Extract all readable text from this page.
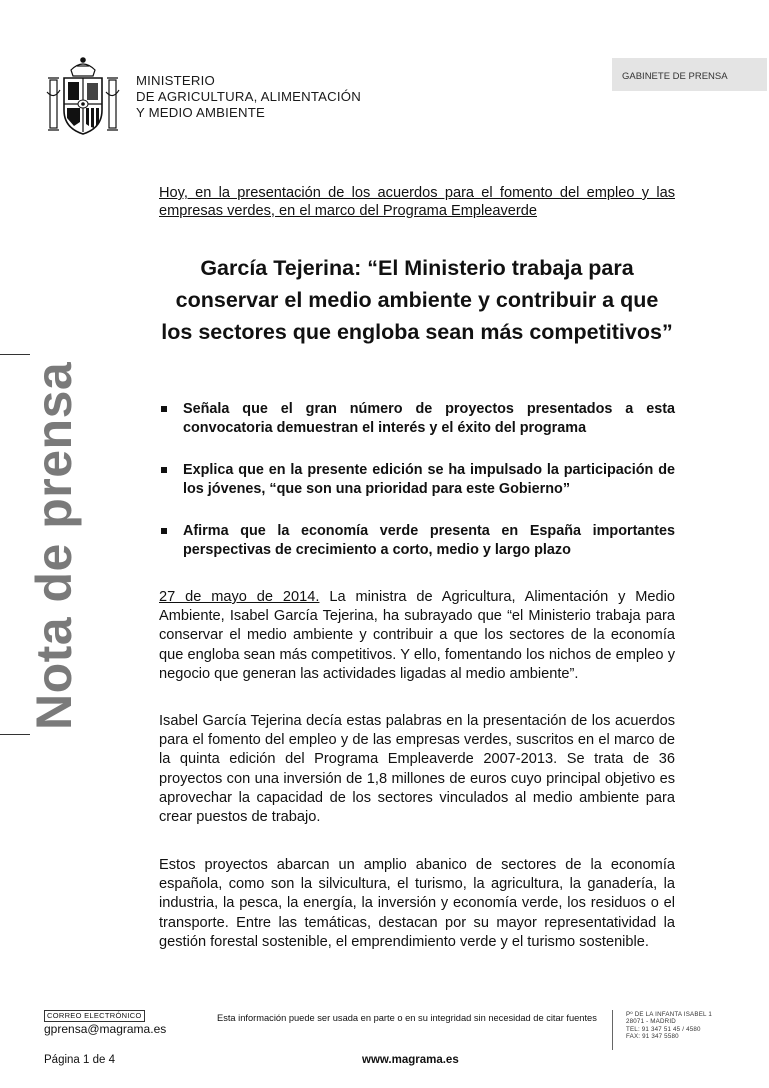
MINISTERIO
DE AGRICULTURA, ALIMENTACIÓN
Y MEDIO AMBIENTE
GABINETE DE PRENSA
Nota de prensa
Hoy, en la presentación de los acuerdos para el fomento del empleo y las empresas verdes, en el marco del Programa Empleaverde
García Tejerina: “El Ministerio trabaja para conservar el medio ambiente y contribuir a que los sectores que engloba sean más competitivos”
Señala que el gran número de proyectos presentados a esta convocatoria demuestran el interés y el éxito del programa
Explica que en la presente edición se ha impulsado la participación de los jóvenes, “que son una prioridad para este Gobierno”
Afirma que la economía verde presenta en España importantes perspectivas de crecimiento a corto, medio y largo plazo

27 de mayo de 2014. La ministra de Agricultura, Alimentación y Medio Ambiente, Isabel García Tejerina, ha subrayado que “el Ministerio trabaja para conservar el medio ambiente y contribuir a que los sectores de la economía que engloba sean más competitivos. Y ello, fomentando los nichos de empleo y negocio que generan las actividades ligadas al medio ambiente”.

Isabel García Tejerina decía estas palabras en la presentación de los acuerdos para el fomento del empleo y de las empresas verdes, suscritos en el marco de la quinta edición del Programa Empleaverde 2007-2013. Se trata de 36 proyectos con una inversión de 1,8 millones de euros cuyo principal objetivo es aprovechar la capacidad de los sectores vinculados al medio ambiente para crear puestos de trabajo.

Estos proyectos abarcan un amplio abanico de sectores de la economía española, como son la silvicultura, el turismo, la agricultura, la ganadería, la industria, la pesca, la energía, la inversión y economía verde, los residuos o el transporte. Entre las temáticas, destacan por su mayor representatividad la gestión forestal sostenible, el emprendimiento verde y el turismo sostenible.

CORREO ELECTRÓNICO
gprensa@magrama.es
Esta información puede ser usada en parte o en su integridad sin necesidad de citar fuentes	Pº DE LA INFANTA ISABEL 1
28071 - MADRID
TEL: 91 347 51 45 / 4580
FAX: 91 347 5580
Página 1 de 4	www.magrama.es
